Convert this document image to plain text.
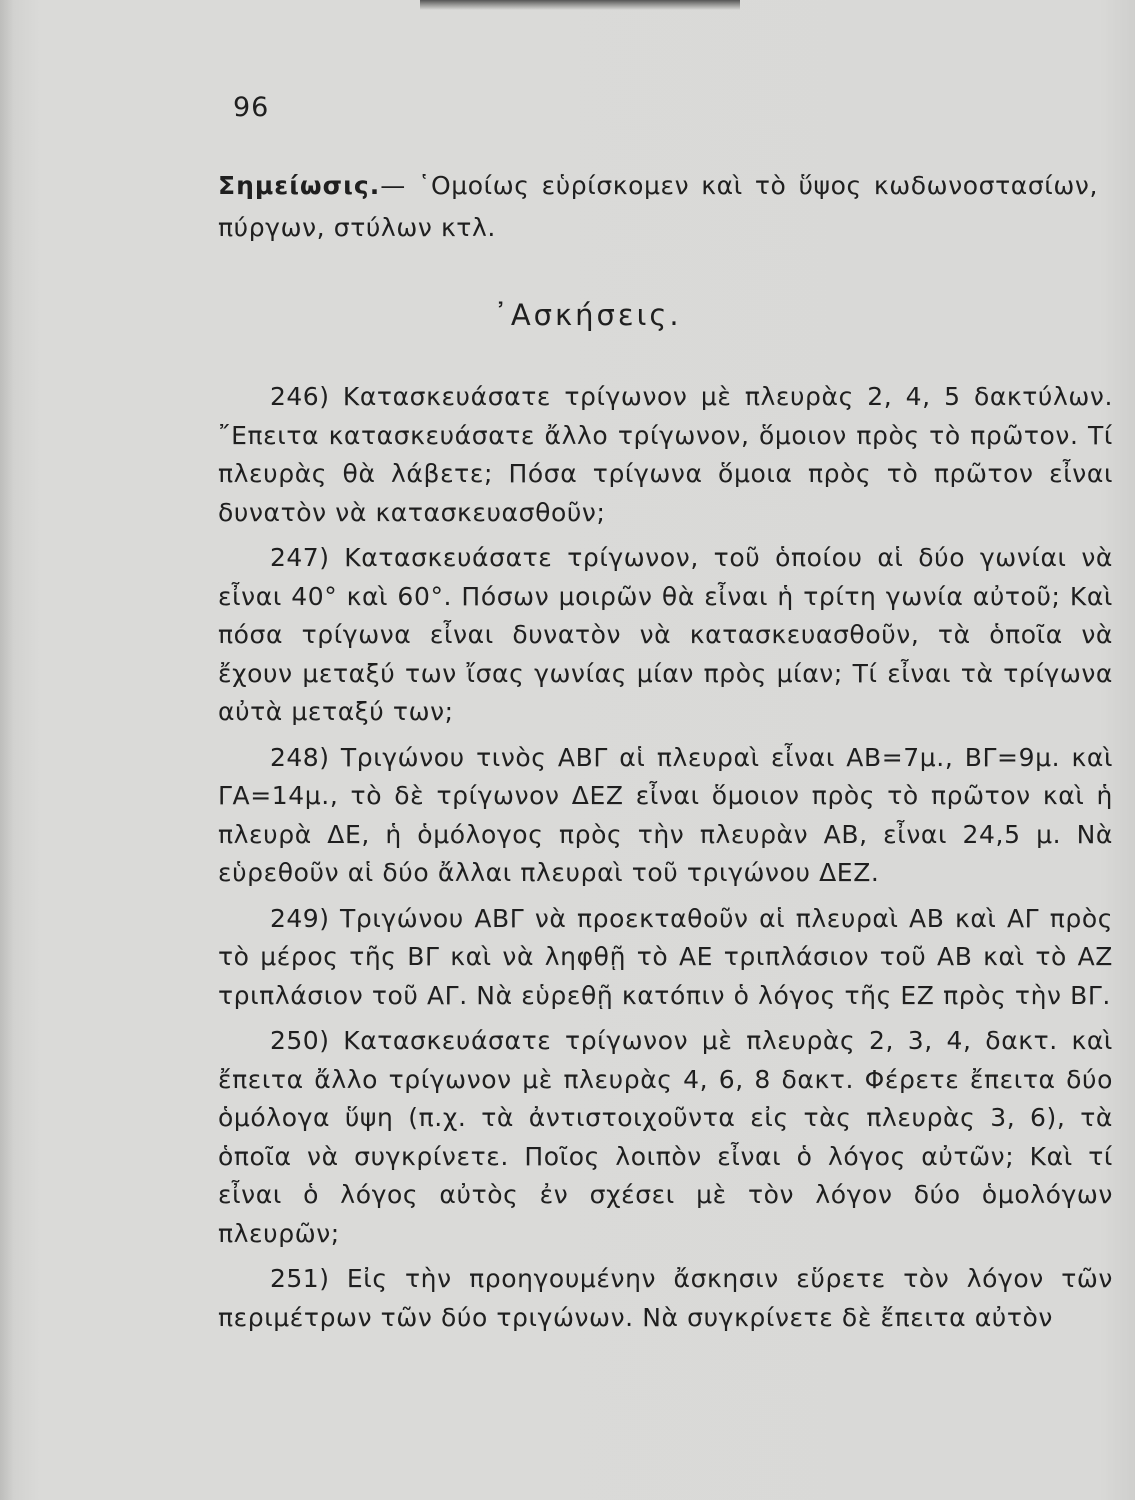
96

Σημείωσις.— ῾Ομοίως εὑρίσκομεν καὶ τὸ ὕψος κωδωνοστασίων, πύργων, στύλων κτλ.

᾿Ασκήσεις.

246) Κατασκευάσατε τρίγωνον μὲ πλευρὰς 2, 4, 5 δακτύλων. ῎Επειτα κατασκευάσατε ἄλλο τρίγωνον, ὅμοιον πρὸς τὸ πρῶτον. Τί πλευρὰς θὰ λάβετε; Πόσα τρίγωνα ὅμοια πρὸς τὸ πρῶτον εἶναι δυνατὸν νὰ κατασκευασθοῦν;

247) Κατασκευάσατε τρίγωνον, τοῦ ὁποίου αἱ δύο γωνίαι νὰ εἶναι 40° καὶ 60°. Πόσων μοιρῶν θὰ εἶναι ἡ τρίτη γωνία αὐτοῦ; Καὶ πόσα τρίγωνα εἶναι δυνατὸν νὰ κατασκευασθοῦν, τὰ ὁποῖα νὰ ἔχουν μεταξύ των ἴσας γωνίας μίαν πρὸς μίαν; Τί εἶναι τὰ τρίγωνα αὐτὰ μεταξύ των;

248) Τριγώνου τινὸς ΑΒΓ αἱ πλευραὶ εἶναι ΑΒ=7μ., ΒΓ=9μ. καὶ ΓΑ=14μ., τὸ δὲ τρίγωνον ΔΕΖ εἶναι ὅμοιον πρὸς τὸ πρῶτον καὶ ἡ πλευρὰ ΔΕ, ἡ ὁμόλογος πρὸς τὴν πλευρὰν ΑΒ, εἶναι 24,5 μ. Νὰ εὑρεθοῦν αἱ δύο ἄλλαι πλευραὶ τοῦ τριγώνου ΔΕΖ.

249) Τριγώνου ΑΒΓ νὰ προεκταθοῦν αἱ πλευραὶ ΑΒ καὶ ΑΓ πρὸς τὸ μέρος τῆς ΒΓ καὶ νὰ ληφθῇ τὸ ΑΕ τριπλάσιον τοῦ ΑΒ καὶ τὸ ΑΖ τριπλάσιον τοῦ ΑΓ. Νὰ εὑρεθῇ κατόπιν ὁ λόγος τῆς ΕΖ πρὸς τὴν ΒΓ.

250) Κατασκευάσατε τρίγωνον μὲ πλευρὰς 2, 3, 4, δακτ. καὶ ἔπειτα ἄλλο τρίγωνον μὲ πλευρὰς 4, 6, 8 δακτ. Φέρετε ἔπειτα δύο ὁμόλογα ὕψη (π.χ. τὰ ἀντιστοιχοῦντα εἰς τὰς πλευρὰς 3, 6), τὰ ὁποῖα νὰ συγκρίνετε. Ποῖος λοιπὸν εἶναι ὁ λόγος αὐτῶν; Καὶ τί εἶναι ὁ λόγος αὐτὸς ἐν σχέσει μὲ τὸν λόγον δύο ὁμολόγων πλευρῶν;

251) Εἰς τὴν προηγουμένην ἄσκησιν εὕρετε τὸν λόγον τῶν περιμέτρων τῶν δύο τριγώνων. Νὰ συγκρίνετε δὲ ἔπειτα αὐτὸν
